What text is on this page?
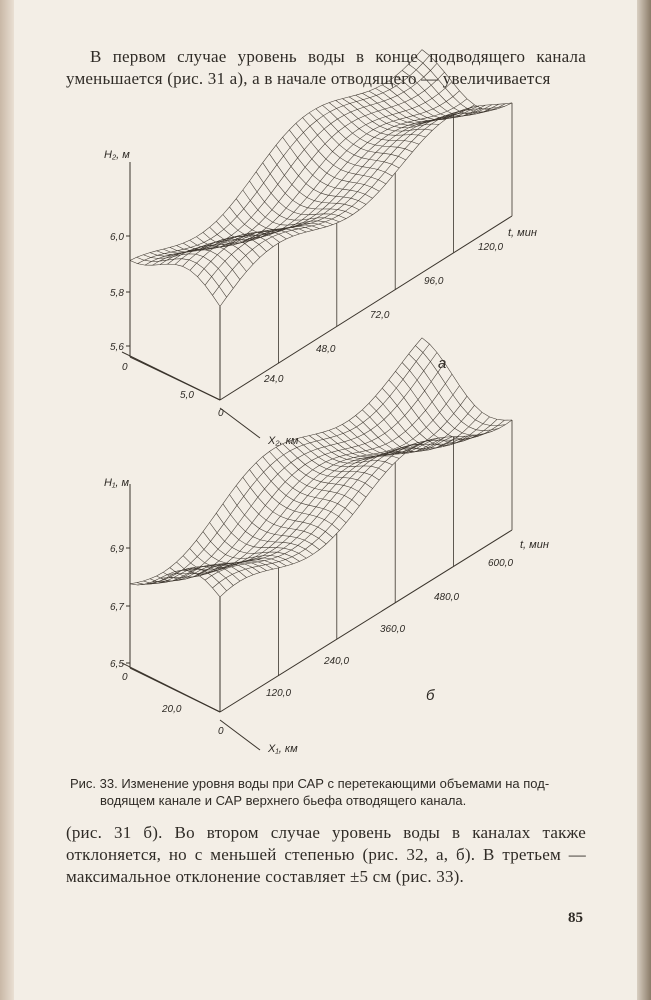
В первом случае уровень воды в конце подводящего канала уменьшается (рис. 31 а), а в начале отводящего — увеличивается
6,0
5,8
5,6
H₂, м
24,0
48,0
72,0
96,0
120,0
t, мин
0
5,0
X₂, км
0	а
6,9
6,7
6,5
H₁, м
120,0
240,0
360,0
480,0
600,0
t, мин
0
20,0
X₁, км
0
б
Рис. 33. Изменение уровня воды при САР с перетекающими объемами на под-
водящем канале и САР верхнего бьефа отводящего канала.
(рис. 31 б). Во втором случае уровень воды в каналах также отклоняется, но с меньшей степенью (рис. 32, а, б). В третьем — максимальное отклонение составляет ±5 см (рис. 33).
85
